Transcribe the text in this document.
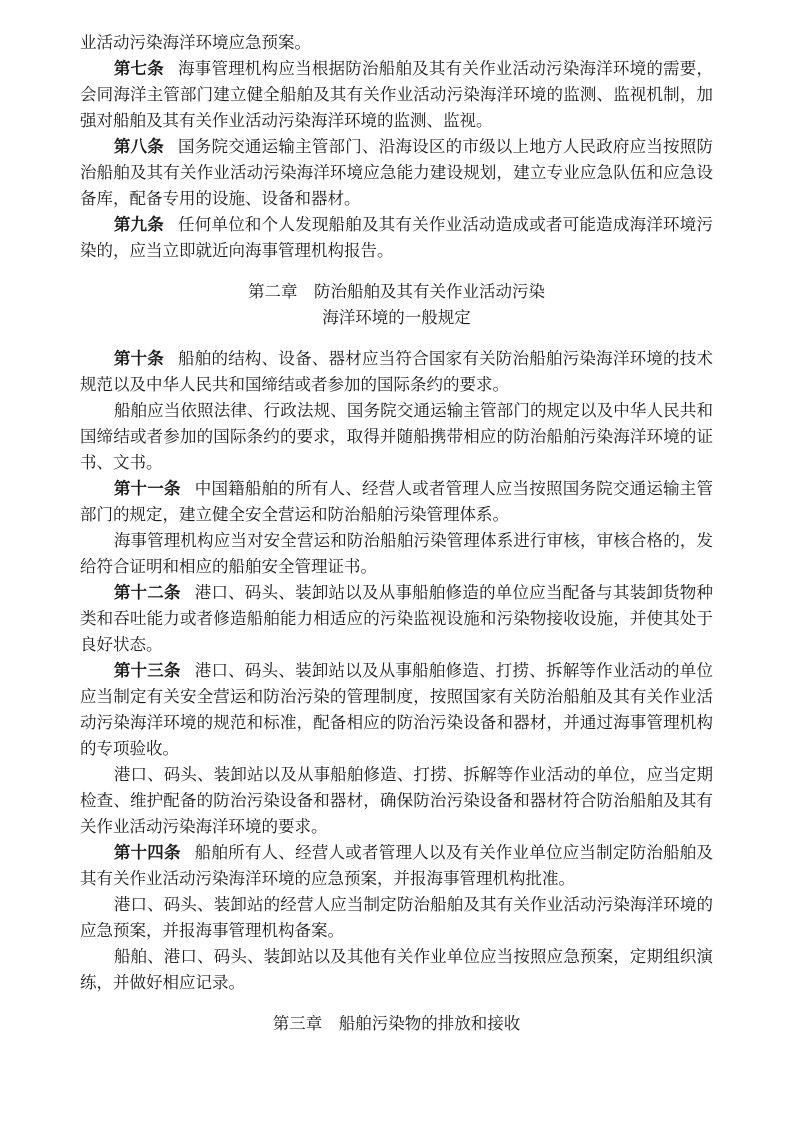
业活动污染海洋环境应急预案。

第七条 海事管理机构应当根据防治船舶及其有关作业活动污染海洋环境的需要，会同海洋主管部门建立健全船舶及其有关作业活动污染海洋环境的监测、监视机制，加强对船舶及其有关作业活动污染海洋环境的监测、监视。

第八条 国务院交通运输主管部门、沿海设区的市级以上地方人民政府应当按照防治船舶及其有关作业活动污染海洋环境应急能力建设规划，建立专业应急队伍和应急设备库，配备专用的设施、设备和器材。

第九条 任何单位和个人发现船舶及其有关作业活动造成或者可能造成海洋环境污染的，应当立即就近向海事管理机构报告。

第二章　防治船舶及其有关作业活动污染

海洋环境的一般规定

第十条 船舶的结构、设备、器材应当符合国家有关防治船舶污染海洋环境的技术规范以及中华人民共和国缔结或者参加的国际条约的要求。

船舶应当依照法律、行政法规、国务院交通运输主管部门的规定以及中华人民共和国缔结或者参加的国际条约的要求，取得并随船携带相应的防治船舶污染海洋环境的证书、文书。

第十一条 中国籍船舶的所有人、经营人或者管理人应当按照国务院交通运输主管部门的规定，建立健全安全营运和防治船舶污染管理体系。

海事管理机构应当对安全营运和防治船舶污染管理体系进行审核，审核合格的，发给符合证明和相应的船舶安全管理证书。

第十二条 港口、码头、装卸站以及从事船舶修造的单位应当配备与其装卸货物种类和吞吐能力或者修造船舶能力相适应的污染监视设施和污染物接收设施，并使其处于良好状态。

第十三条 港口、码头、装卸站以及从事船舶修造、打捞、拆解等作业活动的单位应当制定有关安全营运和防治污染的管理制度，按照国家有关防治船舶及其有关作业活动污染海洋环境的规范和标准，配备相应的防治污染设备和器材，并通过海事管理机构的专项验收。

港口、码头、装卸站以及从事船舶修造、打捞、拆解等作业活动的单位，应当定期检查、维护配备的防治污染设备和器材，确保防治污染设备和器材符合防治船舶及其有关作业活动污染海洋环境的要求。

第十四条 船舶所有人、经营人或者管理人以及有关作业单位应当制定防治船舶及其有关作业活动污染海洋环境的应急预案，并报海事管理机构批准。

港口、码头、装卸站的经营人应当制定防治船舶及其有关作业活动污染海洋环境的应急预案，并报海事管理机构备案。

船舶、港口、码头、装卸站以及其他有关作业单位应当按照应急预案，定期组织演练，并做好相应记录。

第三章　船舶污染物的排放和接收
